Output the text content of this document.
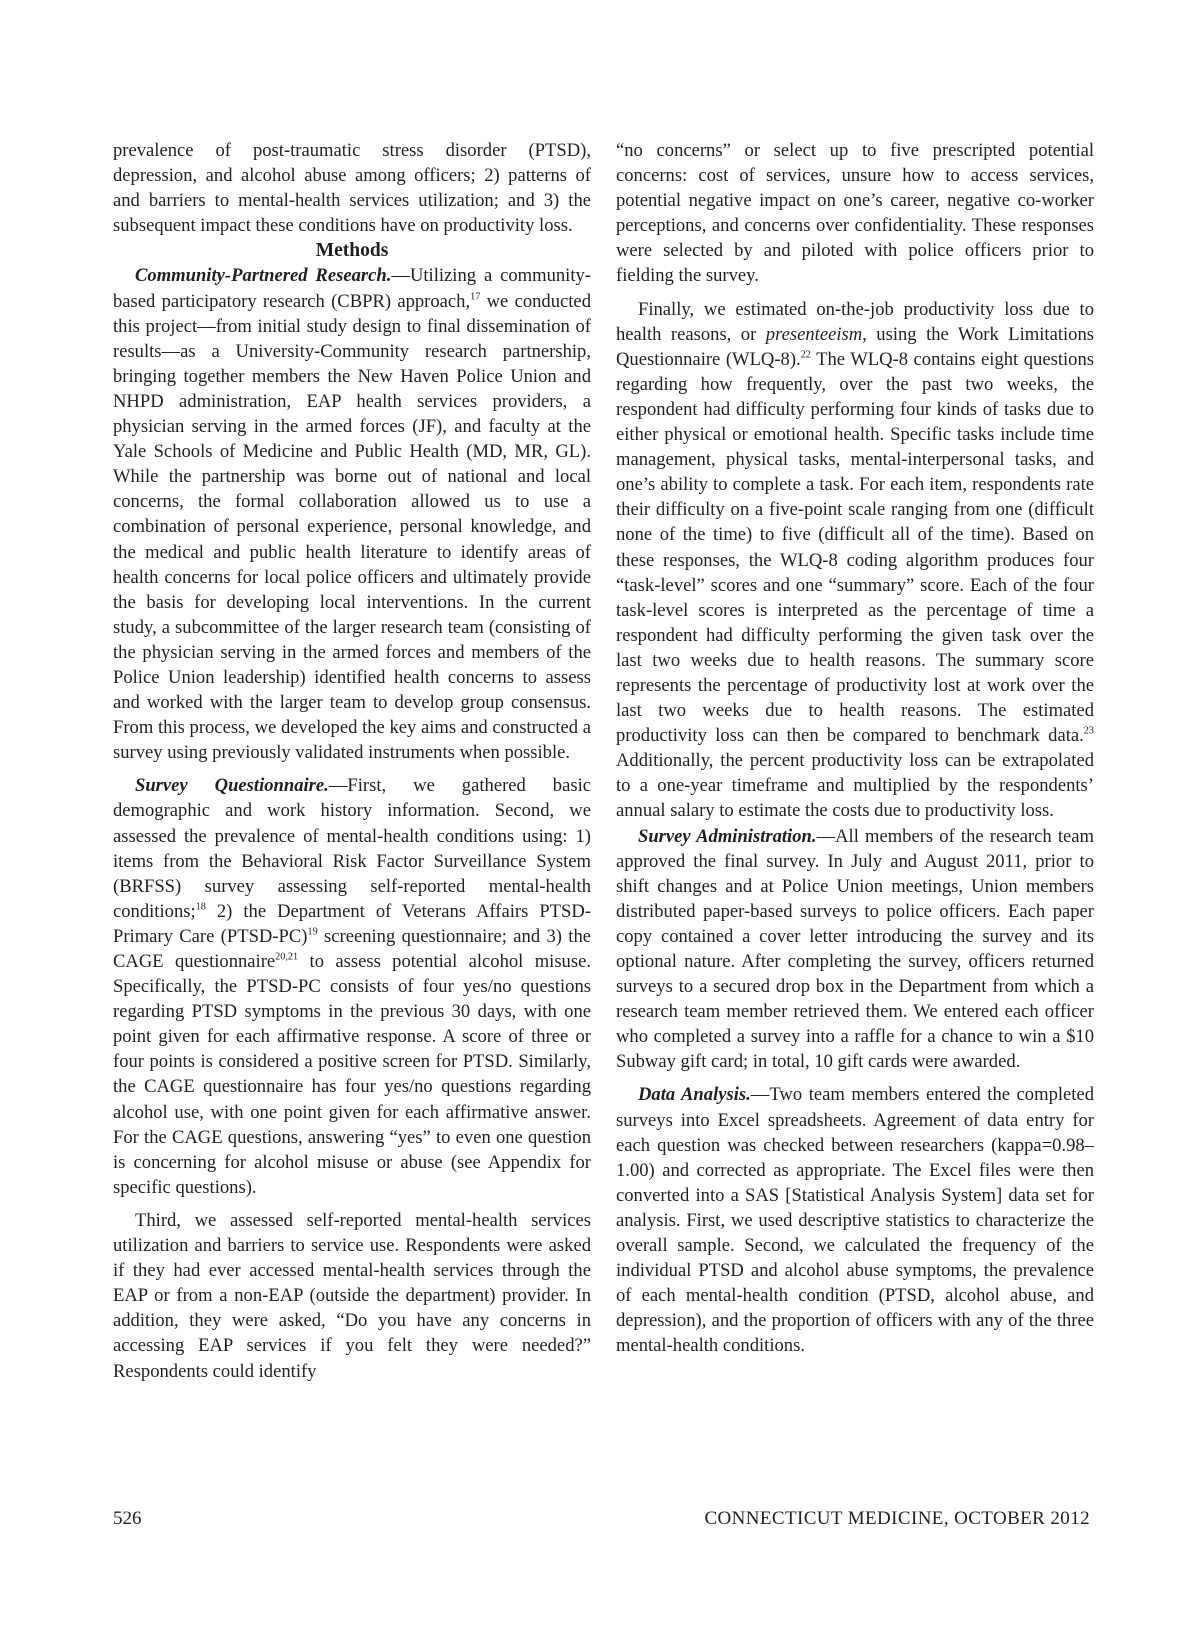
prevalence of post-traumatic stress disorder (PTSD), depression, and alcohol abuse among officers; 2) patterns of and barriers to mental-health services utilization; and 3) the subsequent impact these conditions have on productivity loss.

Methods

Community-Partnered Research.—Utilizing a community-based participatory research (CBPR) approach,$^{17}$ we conducted this project—from initial study design to final dissemination of results—as a University-Community research partnership, bringing together members the New Haven Police Union and NHPD administration, EAP health services providers, a physician serving in the armed forces (JF), and faculty at the Yale Schools of Medicine and Public Health (MD, MR, GL). While the partnership was borne out of national and local concerns, the formal collaboration allowed us to use a combination of personal experience, personal knowledge, and the medical and public health literature to identify areas of health concerns for local police officers and ultimately provide the basis for developing local interventions. In the current study, a subcommittee of the larger research team (consisting of the physician serving in the armed forces and members of the Police Union leadership) identified health concerns to assess and worked with the larger team to develop group consensus. From this process, we developed the key aims and constructed a survey using previously validated instruments when possible.

Survey Questionnaire.—First, we gathered basic demographic and work history information. Second, we assessed the prevalence of mental-health conditions using: 1) items from the Behavioral Risk Factor Surveillance System (BRFSS) survey assessing self-reported mental-health conditions;$^{18}$ 2) the Department of Veterans Affairs PTSD-Primary Care (PTSD-PC)$^{19}$ screening questionnaire; and 3) the CAGE questionnaire$^{20,21}$ to assess potential alcohol misuse. Specifically, the PTSD-PC consists of four yes/no questions regarding PTSD symptoms in the previous 30 days, with one point given for each affirmative response. A score of three or four points is considered a positive screen for PTSD. Similarly, the CAGE questionnaire has four yes/no questions regarding alcohol use, with one point given for each affirmative answer. For the CAGE questions, answering “yes” to even one question is concerning for alcohol misuse or abuse (see Appendix for specific questions).

Third, we assessed self-reported mental-health services utilization and barriers to service use. Respondents were asked if they had ever accessed mental-health services through the EAP or from a non-EAP (outside the department) provider. In addition, they were asked, “Do you have any concerns in accessing EAP services if you felt they were needed?” Respondents could identify

“no concerns” or select up to five prescripted potential concerns: cost of services, unsure how to access services, potential negative impact on one’s career, negative co-worker perceptions, and concerns over confidentiality. These responses were selected by and piloted with police officers prior to fielding the survey.

Finally, we estimated on-the-job productivity loss due to health reasons, or presenteeism, using the Work Limitations Questionnaire (WLQ-8).$^{22}$ The WLQ-8 contains eight questions regarding how frequently, over the past two weeks, the respondent had difficulty performing four kinds of tasks due to either physical or emotional health. Specific tasks include time management, physical tasks, mental-interpersonal tasks, and one’s ability to complete a task. For each item, respondents rate their difficulty on a five-point scale ranging from one (difficult none of the time) to five (difficult all of the time). Based on these responses, the WLQ-8 coding algorithm produces four “task-level” scores and one “summary” score. Each of the four task-level scores is interpreted as the percentage of time a respondent had difficulty performing the given task over the last two weeks due to health reasons. The summary score represents the percentage of productivity lost at work over the last two weeks due to health reasons. The estimated productivity loss can then be compared to benchmark data.$^{23}$ Additionally, the percent productivity loss can be extrapolated to a one-year timeframe and multiplied by the respondents’ annual salary to estimate the costs due to productivity loss.

Survey Administration.—All members of the research team approved the final survey. In July and August 2011, prior to shift changes and at Police Union meetings, Union members distributed paper-based surveys to police officers. Each paper copy contained a cover letter introducing the survey and its optional nature. After completing the survey, officers returned surveys to a secured drop box in the Department from which a research team member retrieved them. We entered each officer who completed a survey into a raffle for a chance to win a $10 Subway gift card; in total, 10 gift cards were awarded.

Data Analysis.—Two team members entered the completed surveys into Excel spreadsheets. Agreement of data entry for each question was checked between researchers (kappa=0.98–1.00) and corrected as appropriate. The Excel files were then converted into a SAS [Statistical Analysis System] data set for analysis. First, we used descriptive statistics to characterize the overall sample. Second, we calculated the frequency of the individual PTSD and alcohol abuse symptoms, the prevalence of each mental-health condition (PTSD, alcohol abuse, and depression), and the proportion of officers with any of the three mental-health conditions.

526	CONNECTICUT MEDICINE, OCTOBER 2012
